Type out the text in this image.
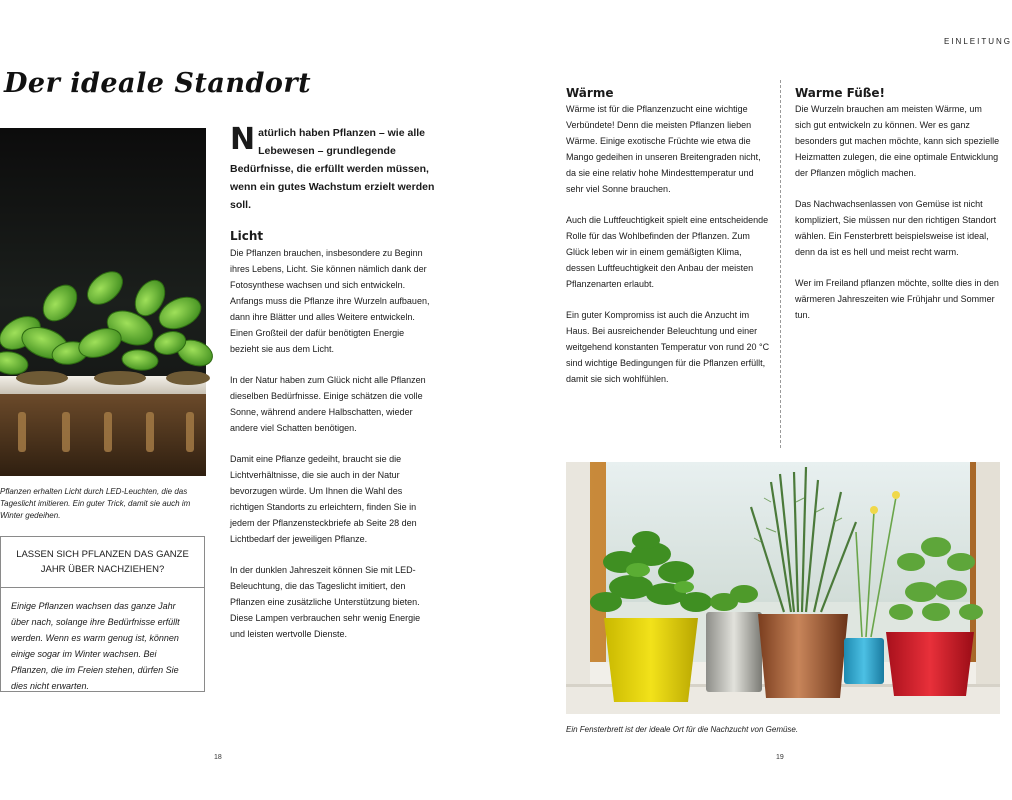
EINLEITUNG
Der ideale Standort
Pflanzen erhalten Licht durch LED-Leuchten, die das Tageslicht imitieren. Ein guter Trick, damit sie auch im Winter gedeihen.
LASSEN SICH PFLANZEN DAS GANZE JAHR ÜBER NACHZIEHEN?
Einige Pflanzen wachsen das ganze Jahr über nach, solange ihre Bedürfnisse erfüllt werden. Wenn es warm genug ist, können einige sogar im Winter wachsen. Bei Pflanzen, die im Freien stehen, dürfen Sie dies nicht erwarten.
Natürlich haben Pflanzen – wie alle Lebewesen – grundlegende Bedürfnisse, die erfüllt werden müssen, wenn ein gutes Wachstum erzielt werden soll.
Licht

Die Pflanzen brauchen, insbesondere zu Beginn ihres Lebens, Licht. Sie können nämlich dank der Fotosynthese wachsen und sich entwickeln. Anfangs muss die Pflanze ihre Wurzeln aufbauen, dann ihre Blätter und alles Weitere entwickeln. Einen Großteil der dafür benötigten Energie bezieht sie aus dem Licht.

In der Natur haben zum Glück nicht alle Pflanzen dieselben Bedürfnisse. Einige schätzen die volle Sonne, während andere Halbschatten, wieder andere viel Schatten benötigen.

Damit eine Pflanze gedeiht, braucht sie die Lichtverhältnisse, die sie auch in der Natur bevorzugen würde. Um Ihnen die Wahl des richtigen Standorts zu erleichtern, finden Sie in jedem der Pflanzensteckbriefe ab Seite 28 den Lichtbedarf der jeweiligen Pflanze.

In der dunklen Jahreszeit können Sie mit LED-Beleuchtung, die das Tageslicht imitiert, den Pflanzen eine zusätzliche Unterstützung bieten. Diese Lampen verbrauchen sehr wenig Energie und leisten wertvolle Dienste.

Wärme

Wärme ist für die Pflanzenzucht eine wichtige Verbündete! Denn die meisten Pflanzen lieben Wärme. Einige exotische Früchte wie etwa die Mango gedeihen in unseren Breitengraden nicht, da sie eine relativ hohe Mindesttemperatur und sehr viel Sonne brauchen.

Auch die Luftfeuchtigkeit spielt eine entscheidende Rolle für das Wohlbefinden der Pflanzen. Zum Glück leben wir in einem gemäßigten Klima, dessen Luftfeuchtigkeit den Anbau der meisten Pflanzenarten erlaubt.

Ein guter Kompromiss ist auch die Anzucht im Haus. Bei ausreichender Beleuchtung und einer weitgehend konstanten Temperatur von rund 20 °C sind wichtige Bedingungen für die Pflanzen erfüllt, damit sie sich wohlfühlen.

Warme Füße!

Die Wurzeln brauchen am meisten Wärme, um sich gut entwickeln zu können. Wer es ganz besonders gut machen möchte, kann sich spezielle Heizmatten zulegen, die eine optimale Entwicklung der Pflanzen möglich machen.

Das Nachwachsenlassen von Gemüse ist nicht kompliziert, Sie müssen nur den richtigen Standort wählen. Ein Fensterbrett beispielsweise ist ideal, denn da ist es hell und meist recht warm.

Wer im Freiland pflanzen möchte, sollte dies in den wärmeren Jahreszeiten wie Frühjahr und Sommer tun.

Ein Fensterbrett ist der ideale Ort für die Nachzucht von Gemüse.
18	19
